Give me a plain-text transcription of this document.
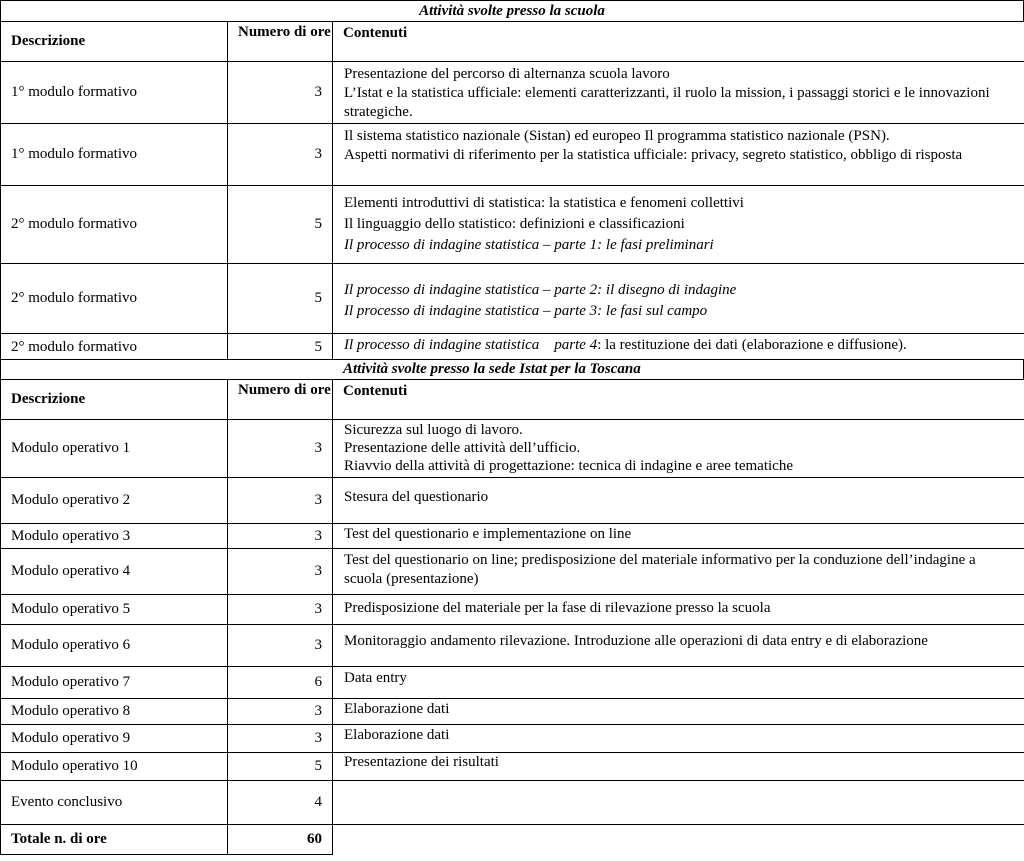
Attività svolte presso la scuola
Descrizione	Numero di ore	Contenuti
1° modulo formativo	3	Presentazione del percorso di alternanza scuola lavoro
L’Istat e la statistica ufficiale: elementi caratterizzanti, il ruolo la mission, i passaggi storici e le innovazioni strategiche.

1° modulo formativo	3	Il sistema statistico nazionale (Sistan) ed europeo Il programma statistico nazionale (PSN).
Aspetti normativi di riferimento per la statistica ufficiale: privacy, segreto statistico, obbligo di risposta

2° modulo formativo	5	Elementi introduttivi di statistica: la statistica e fenomeni collettivi
Il linguaggio dello statistico: definizioni e classificazioni
Il processo di indagine statistica – parte 1: le fasi preliminari

2° modulo formativo	5	Il processo di indagine statistica – parte 2: il disegno di indagine
Il processo di indagine statistica – parte 3: le fasi sul campo

2° modulo formativo	5	Il processo di indagine statistica    parte 4: la restituzione dei dati (elaborazione e diffusione).
Attività svolte presso la sede Istat per la Toscana
Descrizione	Numero di ore	Contenuti
Modulo operativo 1	3	Sicurezza sul luogo di lavoro.
Presentazione delle attività dell’ufficio.
Riavvio della attività di progettazione: tecnica di indagine e aree tematiche

Modulo operativo 2	3	Stesura del questionario

Modulo operativo 3	3	Test del questionario e implementazione on line

Modulo operativo 4	3	Test del questionario on line; predisposizione del materiale informativo per la conduzione dell’indagine a scuola (presentazione)

Modulo operativo 5	3	Predisposizione del materiale per la fase di rilevazione presso la scuola

Modulo operativo 6	3	Monitoraggio andamento rilevazione. Introduzione alle operazioni di data entry e di elaborazione

Modulo operativo 7	6	Data entry

Modulo operativo 8	3	Elaborazione dati

Modulo operativo 9	3	Elaborazione dati

Modulo operativo 10	5	Presentazione dei risultati

Evento conclusivo	4	
Totale n. di ore	60	
